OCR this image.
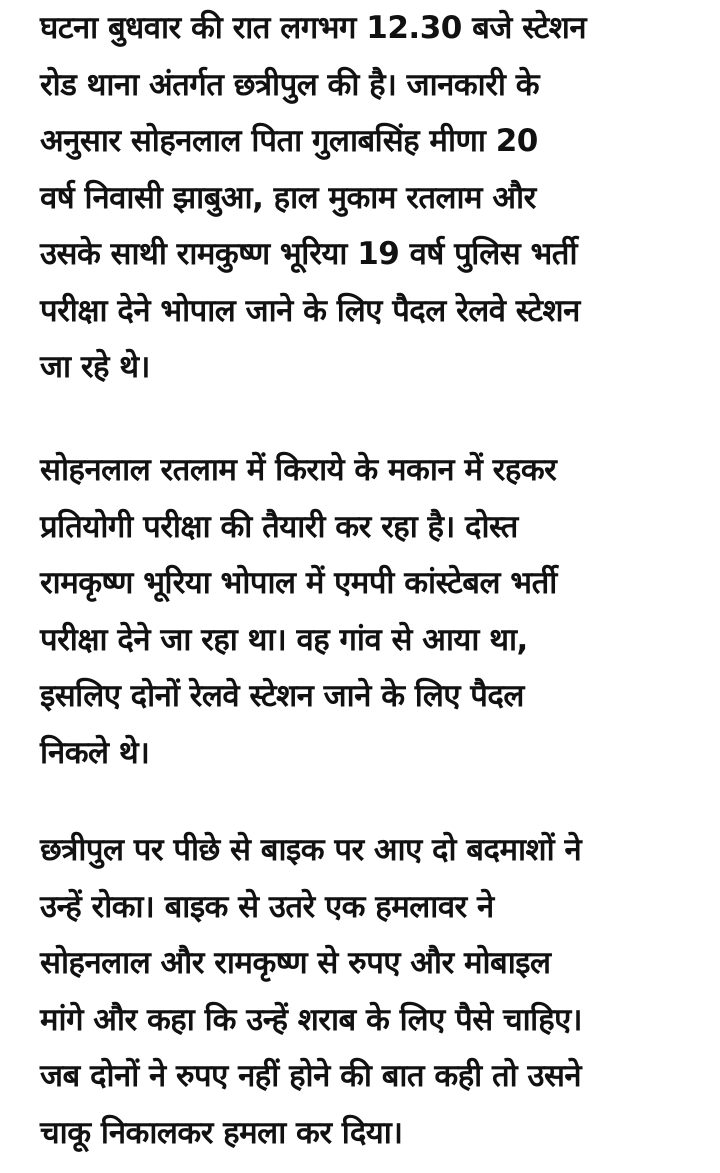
घटना बुधवार की रात लगभग 12.30 बजे स्टेशन
रोड थाना अंतर्गत छत्रीपुल की है। जानकारी के
अनुसार सोहनलाल पिता गुलाबसिंह मीणा 20
वर्ष निवासी झाबुआ, हाल मुकाम रतलाम और
उसके साथी रामकुष्ण भूरिया 19 वर्ष पुलिस भर्ती
परीक्षा देने भोपाल जाने के लिए पैदल रेलवे स्टेशन
जा रहे थे।

सोहनलाल रतलाम में किराये के मकान में रहकर
प्रतियोगी परीक्षा की तैयारी कर रहा है। दोस्त
रामकृष्ण भूरिया भोपाल में एमपी कांस्टेबल भर्ती
परीक्षा देने जा रहा था। वह गांव से आया था,
इसलिए दोनों रेलवे स्टेशन जाने के लिए पैदल
निकले थे।

छत्रीपुल पर पीछे से बाइक पर आए दो बदमाशों ने
उन्हें रोका। बाइक से उतरे एक हमलावर ने
सोहनलाल और रामकृष्ण से रुपए और मोबाइल
मांगे और कहा कि उन्हें शराब के लिए पैसे चाहिए।
जब दोनों ने रुपए नहीं होने की बात कही तो उसने
चाकू निकालकर हमला कर दिया।
